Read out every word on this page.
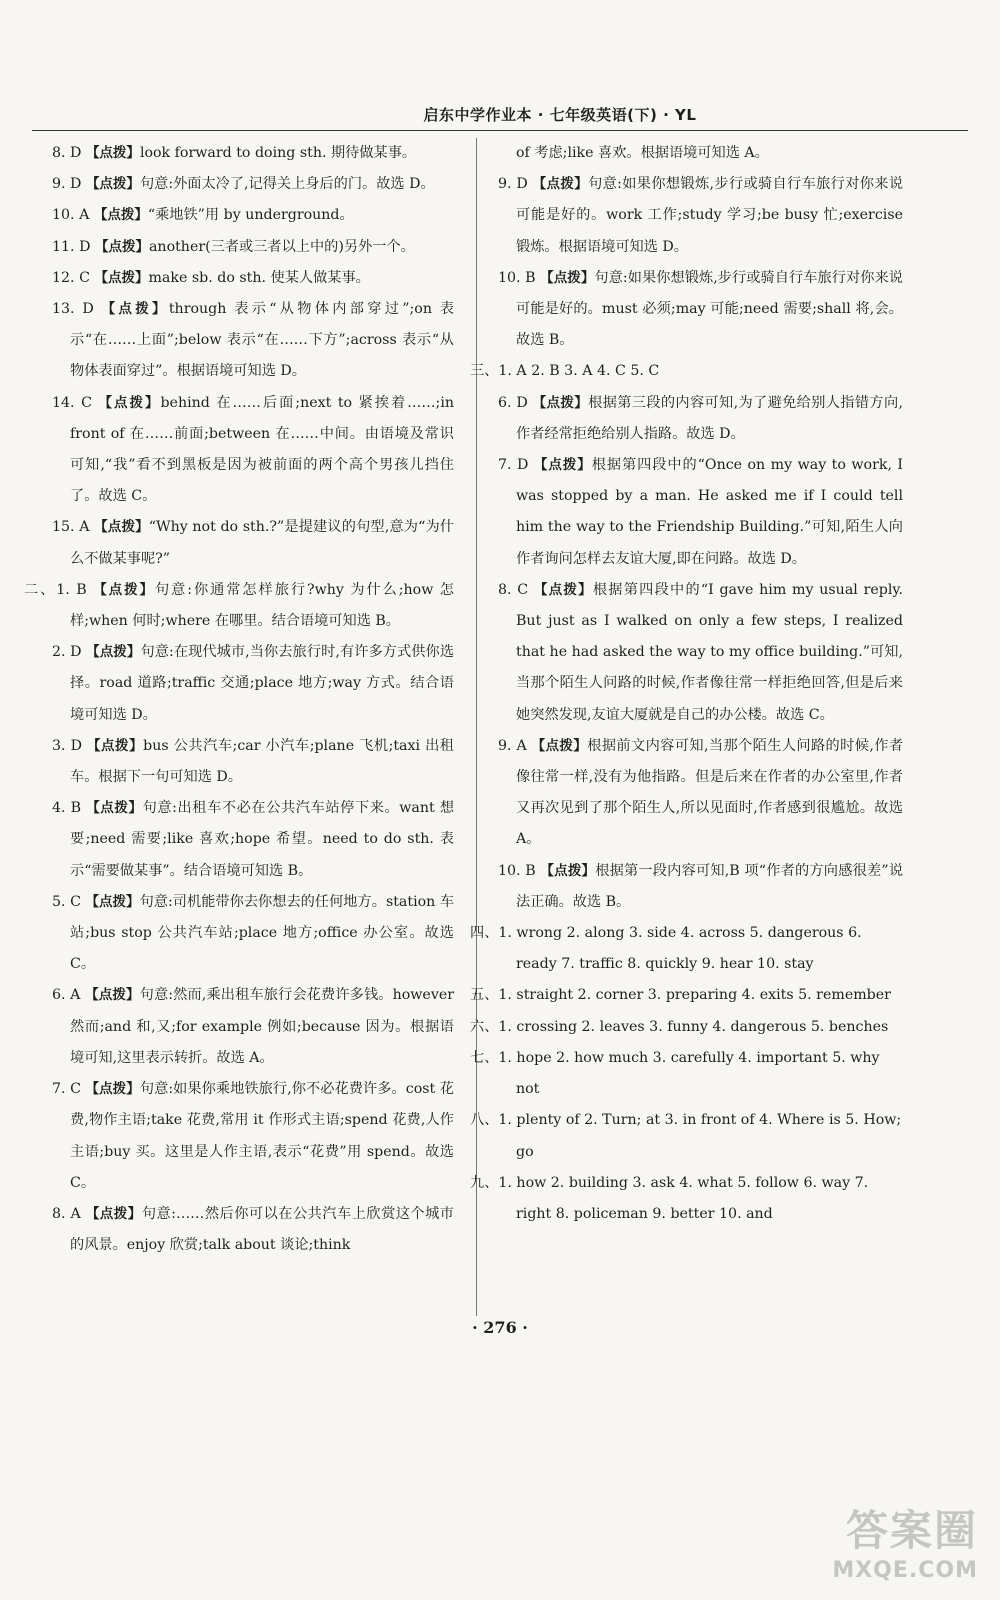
启东中学作业本 · 七年级英语(下) · YL
8. D 【点拨】look forward to doing sth. 期待做某事。
9. D 【点拨】句意:外面太冷了,记得关上身后的门。故选 D。
10. A 【点拨】“乘地铁”用 by underground。
11. D 【点拨】another(三者或三者以上中的)另外一个。
12. C 【点拨】make sb. do sth. 使某人做某事。
13. D 【点拨】through 表示“从物体内部穿过”;on 表示“在……上面”;below 表示“在……下方”;across 表示“从物体表面穿过”。根据语境可知选 D。
14. C 【点拨】behind 在……后面;next to 紧挨着……;in front of 在……前面;between 在……中间。由语境及常识可知,“我”看不到黑板是因为被前面的两个高个男孩儿挡住了。故选 C。
15. A 【点拨】“Why not do sth.?”是提建议的句型,意为“为什么不做某事呢?”
二、1. B 【点拨】句意:你通常怎样旅行?why 为什么;how 怎样;when 何时;where 在哪里。结合语境可知选 B。
2. D 【点拨】句意:在现代城市,当你去旅行时,有许多方式供你选择。road 道路;traffic 交通;place 地方;way 方式。结合语境可知选 D。
3. D 【点拨】bus 公共汽车;car 小汽车;plane 飞机;taxi 出租车。根据下一句可知选 D。
4. B 【点拨】句意:出租车不必在公共汽车站停下来。want 想要;need 需要;like 喜欢;hope 希望。need to do sth. 表示“需要做某事”。结合语境可知选 B。
5. C 【点拨】句意:司机能带你去你想去的任何地方。station 车站;bus stop 公共汽车站;place 地方;office 办公室。故选 C。
6. A 【点拨】句意:然而,乘出租车旅行会花费许多钱。however 然而;and 和,又;for example 例如;because 因为。根据语境可知,这里表示转折。故选 A。
7. C 【点拨】句意:如果你乘地铁旅行,你不必花费许多。cost 花费,物作主语;take 花费,常用 it 作形式主语;spend 花费,人作主语;buy 买。这里是人作主语,表示“花费”用 spend。故选 C。
8. A 【点拨】句意:……然后你可以在公共汽车上欣赏这个城市的风景。enjoy 欣赏;talk about 谈论;think
of 考虑;like 喜欢。根据语境可知选 A。
9. D 【点拨】句意:如果你想锻炼,步行或骑自行车旅行对你来说可能是好的。work 工作;study 学习;be busy 忙;exercise 锻炼。根据语境可知选 D。
10. B 【点拨】句意:如果你想锻炼,步行或骑自行车旅行对你来说可能是好的。must 必须;may 可能;need 需要;shall 将,会。故选 B。
三、1. A 2. B 3. A 4. C 5. C
6. D 【点拨】根据第三段的内容可知,为了避免给别人指错方向,作者经常拒绝给别人指路。故选 D。
7. D 【点拨】根据第四段中的“Once on my way to work, I was stopped by a man. He asked me if I could tell him the way to the Friendship Building.”可知,陌生人向作者询问怎样去友谊大厦,即在问路。故选 D。
8. C 【点拨】根据第四段中的“I gave him my usual reply. But just as I walked on only a few steps, I realized that he had asked the way to my office building.”可知,当那个陌生人问路的时候,作者像往常一样拒绝回答,但是后来她突然发现,友谊大厦就是自己的办公楼。故选 C。
9. A 【点拨】根据前文内容可知,当那个陌生人问路的时候,作者像往常一样,没有为他指路。但是后来在作者的办公室里,作者又再次见到了那个陌生人,所以见面时,作者感到很尴尬。故选 A。
10. B 【点拨】根据第一段内容可知,B 项“作者的方向感很差”说法正确。故选 B。
四、1. wrong 2. along 3. side 4. across 5. dangerous 6. ready 7. traffic 8. quickly 9. hear 10. stay
五、1. straight 2. corner 3. preparing 4. exits 5. remember
六、1. crossing 2. leaves 3. funny 4. dangerous 5. benches
七、1. hope 2. how much 3. carefully 4. important 5. why not
八、1. plenty of 2. Turn; at 3. in front of 4. Where is 5. How; go
九、1. how 2. building 3. ask 4. what 5. follow 6. way 7. right 8. policeman 9. better 10. and
· 276 ·
答案圈
MXQE.COM
